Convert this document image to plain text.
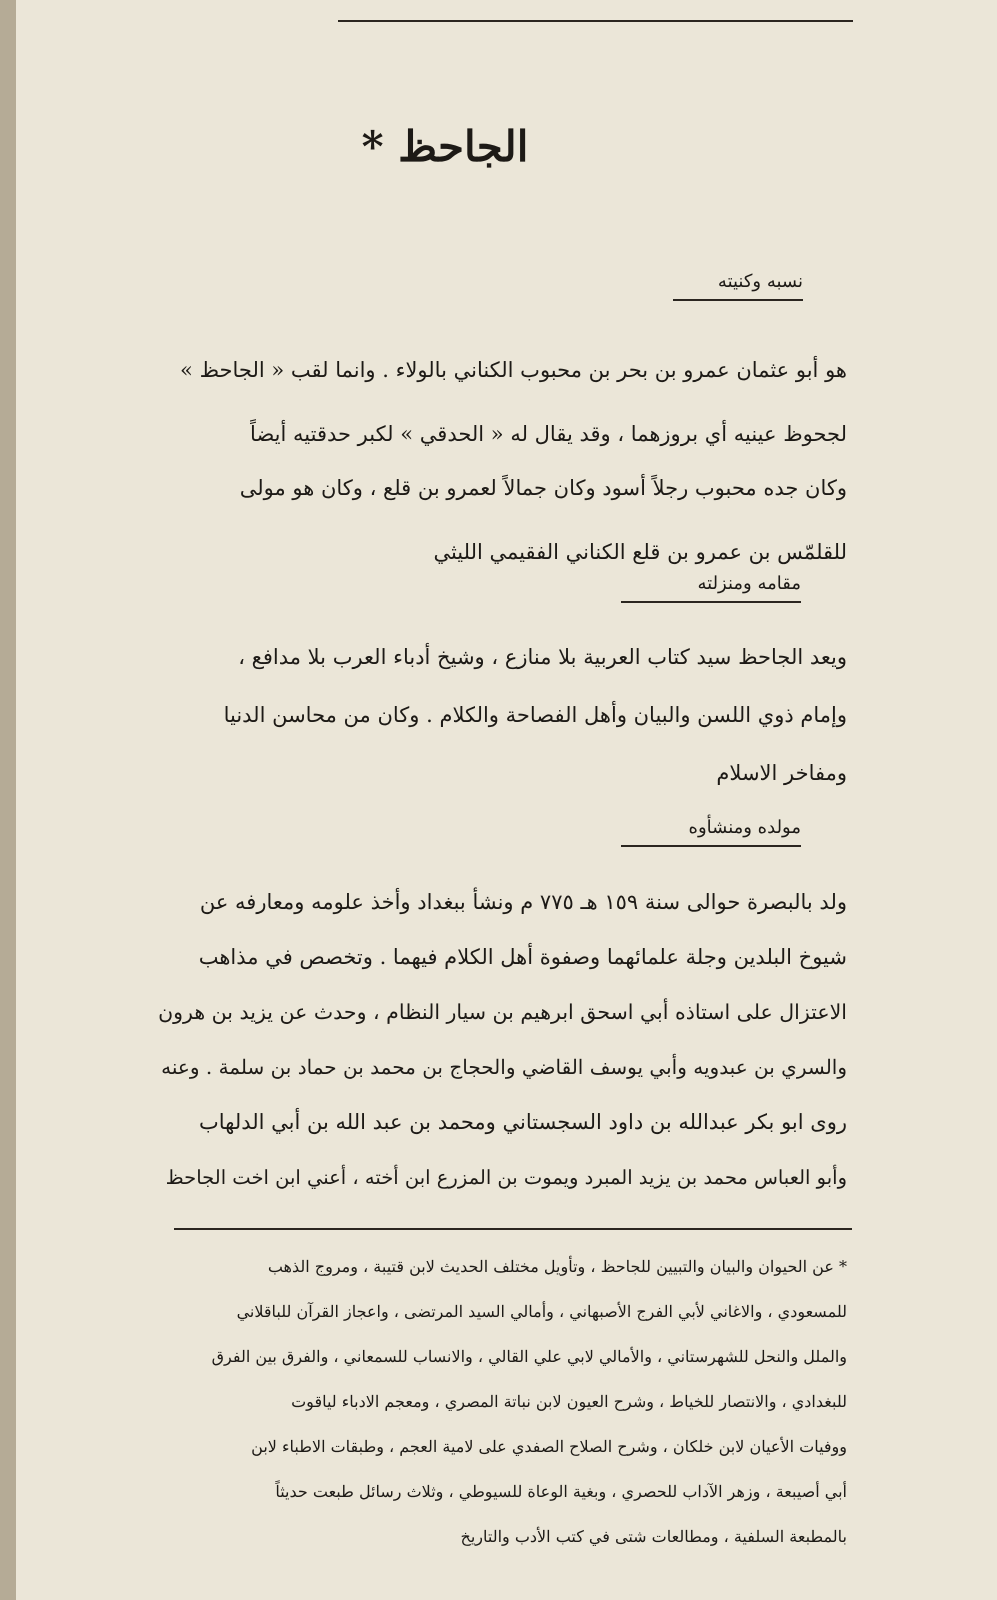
الجاحظ *
نسبه وكنيته
هو أبو عثمان عمرو بن بحر بن محبوب الكناني بالولاء . وانما لقب « الجاحظ »
لجحوظ عينيه أي بروزهما ، وقد يقال له « الحدقي » لكبر حدقتيه أيضاً
وكان جده محبوب رجلاً أسود وكان جمالاً لعمرو بن قلع ، وكان هو مولى
للقلمّس بن عمرو بن قلع الكناني الفقيمي الليثي
مقامه ومنزلته
ويعد الجاحظ سيد كتاب العربية بلا منازع ، وشيخ أدباء العرب بلا مدافع ،
وإمام ذوي اللسن والبيان وأهل الفصاحة والكلام . وكان من محاسن الدنيا
ومفاخر الاسلام
مولده ومنشأوه
ولد بالبصرة حوالى سنة ١٥٩ هـ ٧٧٥ م ونشأ ببغداد وأخذ علومه ومعارفه عن
شيوخ البلدين وجلة علمائهما وصفوة أهل الكلام فيهما . وتخصص في مذاهب
الاعتزال على استاذه أبي اسحق ابرهيم بن سيار النظام ، وحدث عن يزيد بن هرون
والسري بن عبدويه وأبي يوسف القاضي والحجاج بن محمد بن حماد بن سلمة . وعنه
روى ابو بكر عبدالله بن داود السجستاني ومحمد بن عبد الله بن أبي الدلهاب
وأبو العباس محمد بن يزيد المبرد ويموت بن المزرع ابن أخته ، أعني ابن اخت الجاحظ
* عن الحيوان والبيان والتبيين للجاحظ ، وتأويل مختلف الحديث لابن قتيبة ، ومروج الذهب
للمسعودي ، والاغاني لأبي الفرج الأصبهاني ، وأمالي السيد المرتضى ، واعجاز القرآن للباقلاني
والملل والنحل للشهرستاني ، والأمالي لابي علي القالي ، والانساب للسمعاني ، والفرق بين الفرق
للبغدادي ، والانتصار للخياط ، وشرح العيون لابن نباتة المصري ، ومعجم الادباء لياقوت
ووفيات الأعيان لابن خلكان ، وشرح الصلاح الصفدي على لامية العجم ، وطبقات الاطباء لابن
أبي أصيبعة ، وزهر الآداب للحصري ، وبغية الوعاة للسيوطي ، وثلاث رسائل طبعت حديثاً
بالمطبعة السلفية ، ومطالعات شتى في كتب الأدب والتاريخ
